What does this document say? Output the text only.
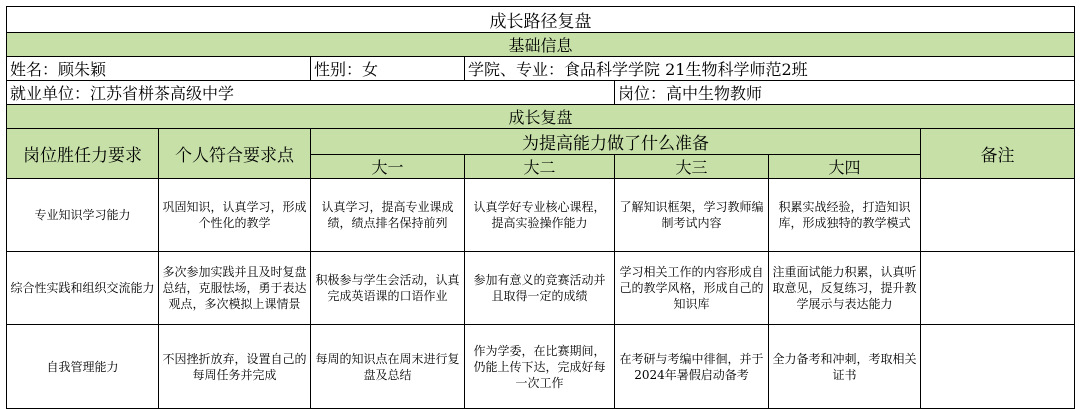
成长路径复盘						
基础信息						
姓名：顾朱颖		性别：女	学院、专业：食品科学学院 21生物科学师范2班			
就业单位：江苏省栟茶高级中学				岗位：高中生物教师		
成长复盘						
岗位胜任力要求	个人符合要求点	为提高能力做了什么准备				备注
		大一	大二	大三	大四	
专业知识学习能力	巩固知识，认真学习，形成个性化的教学	认真学习，提高专业课成绩，绩点排名保持前列	认真学好专业核心课程，提高实验操作能力	了解知识框架，学习教师编制考试内容	积累实战经验，打造知识库，形成独特的教学模式	
综合性实践和组织交流能力	多次参加实践并且及时复盘总结，克服怯场，勇于表达观点，多次模拟上课情景	积极参与学生会活动，认真完成英语课的口语作业	参加有意义的竞赛活动并且取得一定的成绩	学习相关工作的内容形成自己的教学风格，形成自己的知识库	注重面试能力积累，认真听取意见，反复练习，提升教学展示与表达能力	
自我管理能力	不因挫折放弃，设置自己的每周任务并完成	每周的知识点在周末进行复盘及总结	作为学委，在比赛期间，仍能上传下达，完成好每一次工作	在考研与考编中徘徊，并于2024年暑假启动备考	全力备考和冲刺，考取相关证书	
